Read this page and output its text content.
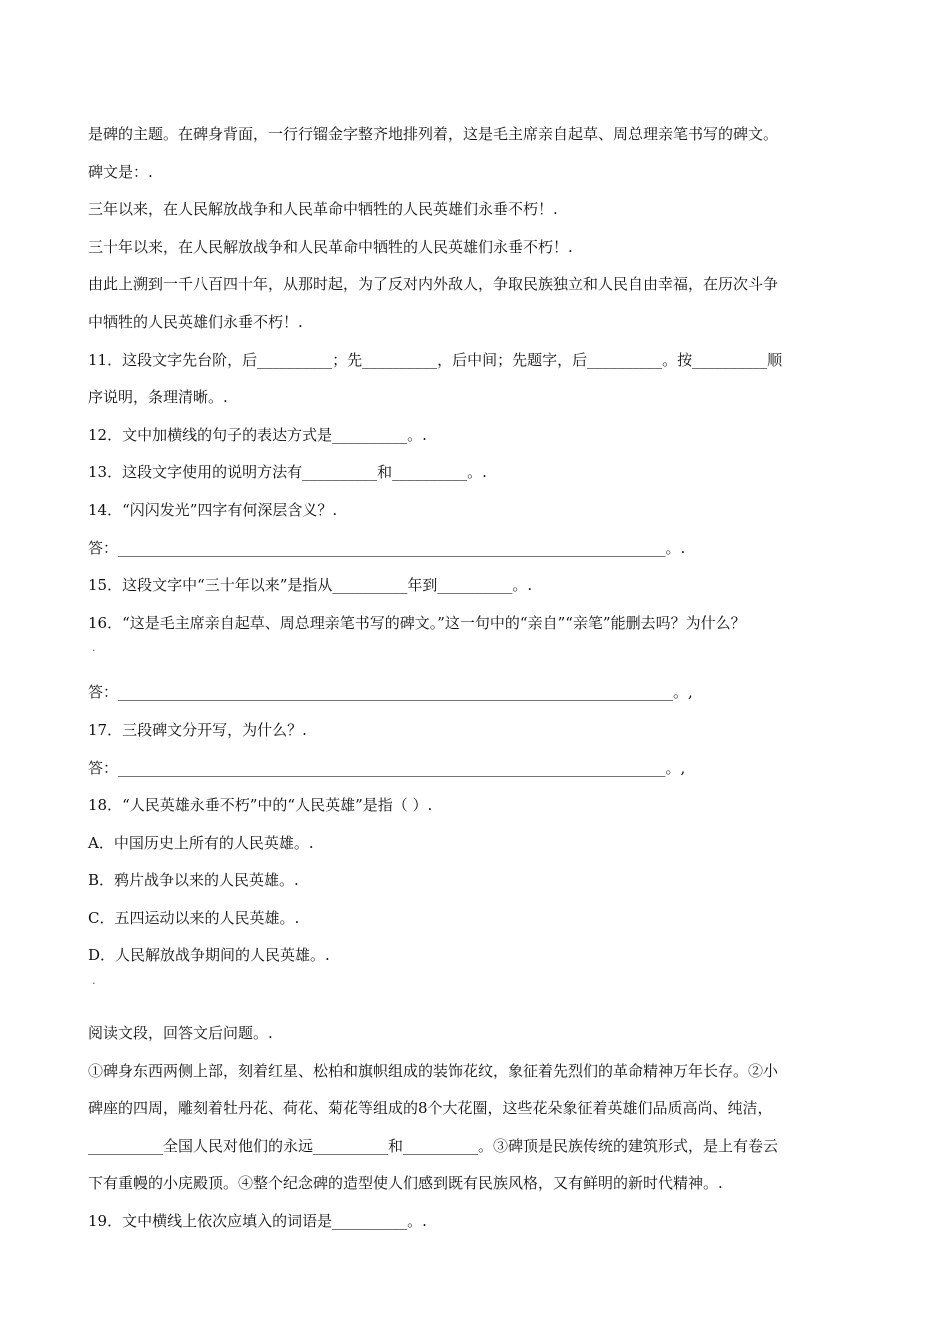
是碑的主题。在碑身背面，一行行镏金字整齐地排列着，这是毛主席亲自起草、周总理亲笔书写的碑文。
碑文是：.
三年以来，在人民解放战争和人民革命中牺牲的人民英雄们永垂不朽！.
三十年以来，在人民解放战争和人民革命中牺牲的人民英雄们永垂不朽！.
由此上溯到一千八百四十年，从那时起，为了反对内外敌人，争取民族独立和人民自由幸福，在历次斗争
中牺牲的人民英雄们永垂不朽！.
11．这段文字先台阶，后__________；先__________，后中间；先题字，后__________。按__________顺
序说明，条理清晰。.
12．文中加横线的句子的表达方式是__________。.
13．这段文字使用的说明方法有__________和__________。.
14．“闪闪发光”四字有何深层含义？.
答：_________________________________________________________________________。.
15．这段文字中“三十年以来”是指从__________年到__________。.
16．“这是毛主席亲自起草、周总理亲笔书写的碑文。”这一句中的“亲自”“亲笔”能删去吗？为什么？
.
答：__________________________________________________________________________。,
17．三段碑文分开写，为什么？.
答：_________________________________________________________________________。,
18．“人民英雄永垂不朽”中的“人民英雄”是指（ ）.
A．中国历史上所有的人民英雄。.
B．鸦片战争以来的人民英雄。.
C．五四运动以来的人民英雄。.
D．人民解放战争期间的人民英雄。.
.
阅读文段，回答文后问题。.
①碑身东西两侧上部，刻着红星、松柏和旗帜组成的装饰花纹，象征着先烈们的革命精神万年长存。②小
碑座的四周，雕刻着牡丹花、荷花、菊花等组成的8个大花圈，这些花朵象征着英雄们品质高尚、纯洁，
__________全国人民对他们的永远__________和__________。③碑顶是民族传统的建筑形式，是上有卷云
下有重幔的小庑殿顶。④整个纪念碑的造型使人们感到既有民族风格，又有鲜明的新时代精神。.
19．文中横线上依次应填入的词语是__________。.
